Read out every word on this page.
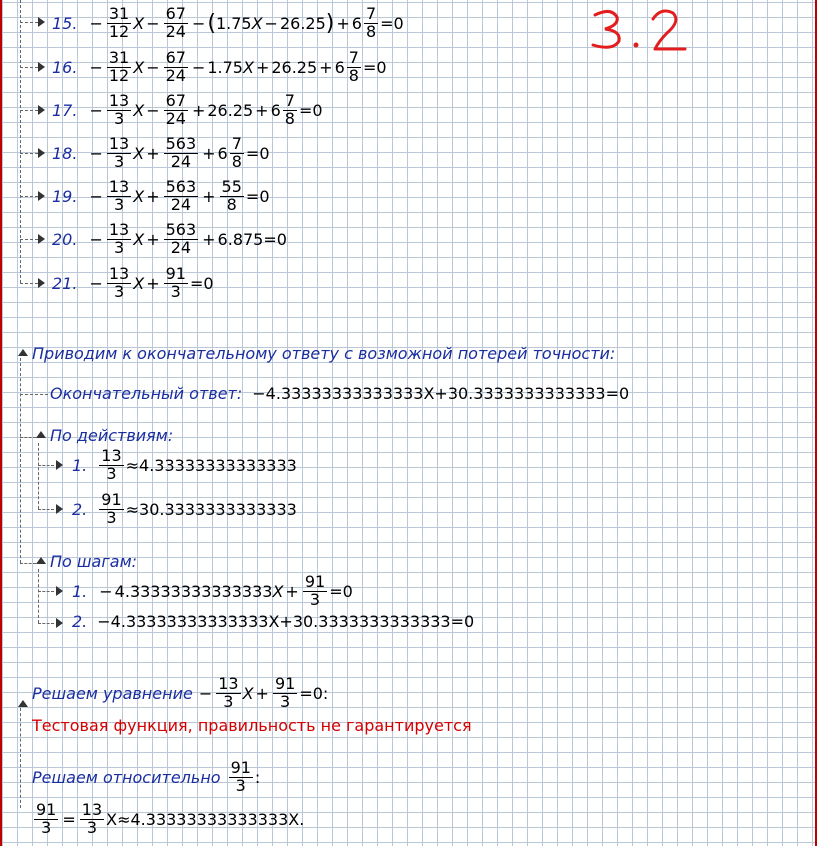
15. − $\frac{31}{12}$ $X - \frac{67}{24}$ − ( 1.75 X − 26.25 ) + $6 \frac{7}{8} =0$
16. − $\frac{31}{12}$ $X - \frac{67}{24} - 1.75$ $X + 26.25 + 6 \frac{7}{8} =0$
17. − $\frac{13}{3}$ $X - \frac{67}{24} + 26.25 + 6 \frac{7}{8} =0$
18. − $\frac{13}{3}$ $X + \frac{563}{24} + 6 \frac{7}{8} =0$
19. − $\frac{13}{3}$ $X + \frac{563}{24} + \frac{55}{8} =0$
20. − $\frac{13}{3}$ $X + \frac{563}{24} + 6.875 =0$
21. − $\frac{13}{3}$ $X + \frac{91}{3} =0$
Приводим к окончательному ответу с возможной потерей точности:
Окончательный ответ: −4.33333333333333X+30.3333333333333=0
По действиям:
1. $\frac{13}{3} \approx 4.33333333333333$
2. $\frac{91}{3} \approx 30.3333333333333$
По шагам:
1. − 4.33333333333333 $X + \frac{91}{3} =0$
2. −4.33333333333333X+30.3333333333333=0
Решаем уравнение − $\frac{13}{3}$ $X + \frac{91}{3} =0$:
Тестовая функция, правильность не гарантируется
Решаем относительно $\frac{91}{3}$ :
$\frac{91}{3} = \frac{13}{3} X\approx 4.33333333333333X$.
